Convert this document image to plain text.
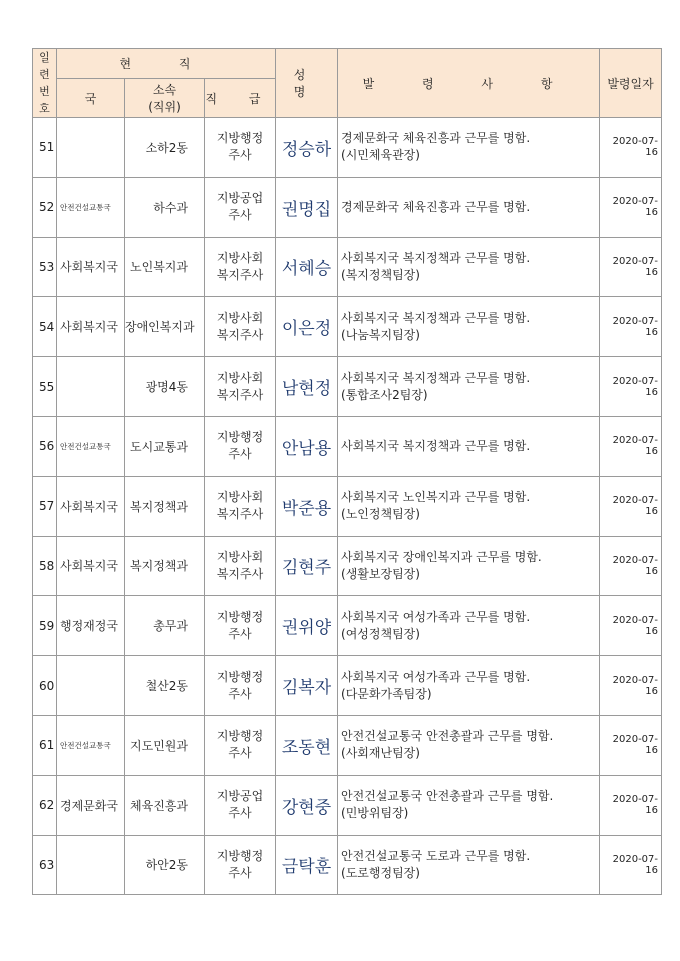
일
련
번
호	현 직			성 명	발 령 사 항	발령일자
	국	소속
(직위)	직 급			
51		소하2동	지방행정
주사	정승하	경제문화국 체육진흥과 근무를 명함.
(시민체육관장)	2020-07-16
52	안전건설교통국	하수과	지방공업
주사	권명집	경제문화국 체육진흥과 근무를 명함.	2020-07-16
53	사회복지국	노인복지과	지방사회
복지주사	서혜승	사회복지국 복지정책과 근무를 명함.
(복지정책팀장)	2020-07-16
54	사회복지국	장애인복지과	지방사회
복지주사	이은정	사회복지국 복지정책과 근무를 명함.
(나눔복지팀장)	2020-07-16
55		광명4동	지방사회
복지주사	남현정	사회복지국 복지정책과 근무를 명함.
(통합조사2팀장)	2020-07-16
56	안전건설교통국	도시교통과	지방행정
주사	안남용	사회복지국 복지정책과 근무를 명함.	2020-07-16
57	사회복지국	복지정책과	지방사회
복지주사	박준용	사회복지국 노인복지과 근무를 명함.
(노인정책팀장)	2020-07-16
58	사회복지국	복지정책과	지방사회
복지주사	김현주	사회복지국 장애인복지과 근무를 명함.
(생활보장팀장)	2020-07-16
59	행정재정국	총무과	지방행정
주사	권위양	사회복지국 여성가족과 근무를 명함.
(여성정책팀장)	2020-07-16
60		철산2동	지방행정
주사	김복자	사회복지국 여성가족과 근무를 명함.
(다문화가족팀장)	2020-07-16
61	안전건설교통국	지도민원과	지방행정
주사	조동현	안전건설교통국 안전총괄과 근무를 명함.
(사회재난팀장)	2020-07-16
62	경제문화국	체육진흥과	지방공업
주사	강현중	안전건설교통국 안전총괄과 근무를 명함.
(민방위팀장)	2020-07-16
63		하안2동	지방행정
주사	금탁훈	안전건설교통국 도로과 근무를 명함.
(도로행정팀장)	2020-07-16
